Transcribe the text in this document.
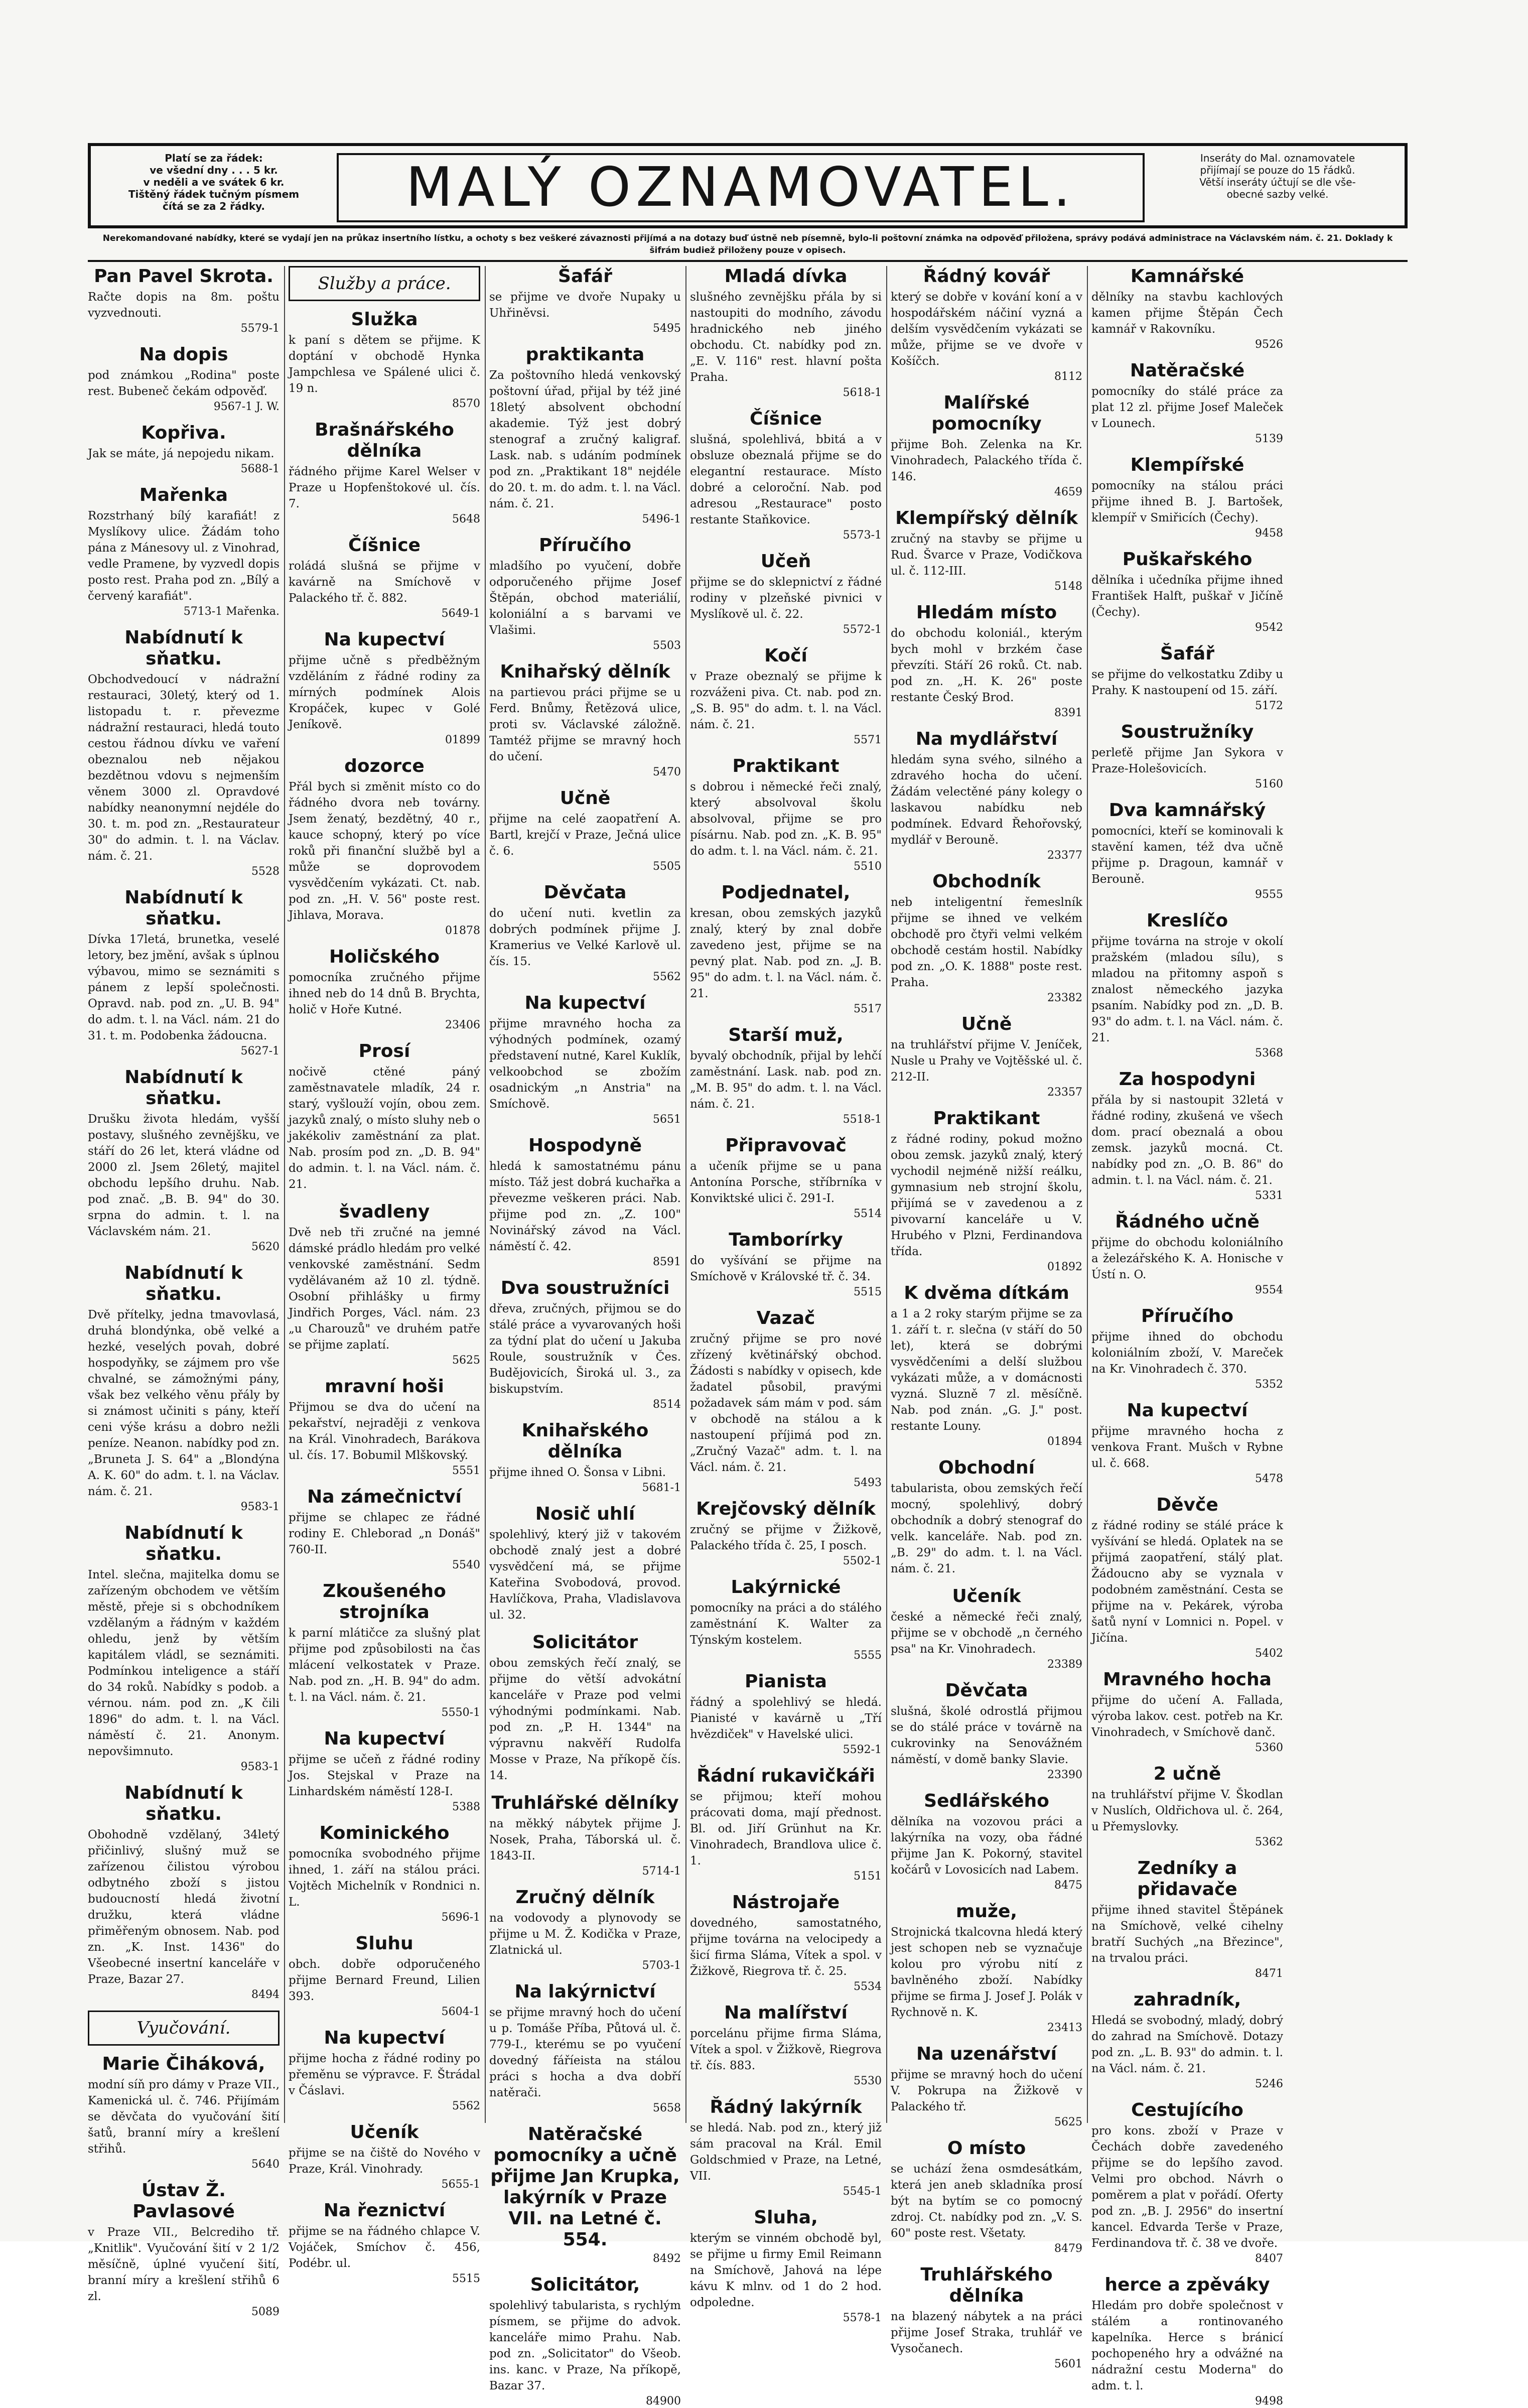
Platí se za řádek:
ve všední dny . . . 5 kr.
v neděli a ve svátek 6 kr.
Tištěný řádek tučným písmem
čítá se za 2 řádky.	MALÝ OZNAMOVATEL.	Inseráty do Mal. oznamovatele
přijímají se pouze do 15 řádků.
Větší inseráty účtují se dle vše-
obecné sazby velké.
Nerekomandované nabídky, které se vydají jen na průkaz insertního lístku, a ochoty s bez veškeré závaznosti přijímá a na dotazy buď ústně neb písemně, bylo-li poštovní známka na odpověď přiložena, správy podává administrace na Václavském nám. č. 21. Doklady k šifrám budiež přiloženy pouze v opisech.
Pan Pavel Skrota.

Račte dopis na 8m. poštu vyzvednouti.

5579-1

Na dopis

pod známkou „Rodina" poste rest. Bubeneč čekám odpověď.

9567-1 J. W.

Kopřiva.

Jak se máte, já nepojedu nikam.

5688-1

Mařenka

Rozstrhaný bílý karafiát! z Myslíkovy ulice. Žádám toho pána z Mánesovy ul. z Vinohrad, vedle Pramene, by vyzvedl dopis posto rest. Praha pod zn. „Bílý a červený karafiát".

5713-1 Mařenka.

Nabídnutí k sňatku.

Obchodvedoucí v nádražní restauraci, 30letý, který od 1. listopadu t. r. převezme nádražní restauraci, hledá touto cestou řádnou dívku ve vaření obeznalou neb nějakou bezdětnou vdovu s nejmenším věnem 3000 zl. Opravdové nabídky neanonymní nejdéle do 30. t. m. pod zn. „Restaurateur 30" do admin. t. l. na Václav. nám. č. 21.

5528

Nabídnutí k sňatku.

Dívka 17letá, brunetka, veselé letory, bez jmění, avšak s úplnou výbavou, mimo se seznámiti s pánem z lepší společnosti. Opravd. nab. pod zn. „U. B. 94" do adm. t. l. na Václ. nám. 21 do 31. t. m. Podobenka žádoucna.

5627-1

Nabídnutí k sňatku.

Drušku života hledám, vyšší postavy, slušného zevnějšku, ve stáří do 26 let, která vládne od 2000 zl. Jsem 26letý, majitel obchodu lepšího druhu. Nab. pod znač. „B. B. 94" do 30. srpna do admin. t. l. na Václavském nám. 21.

5620

Nabídnutí k sňatku.

Dvě přítelky, jedna tmavovlasá, druhá blondýnka, obě velké a hezké, veselých povah, dobré hospodyňky, se zájmem pro vše chvalné, se zámožnými pány, však bez velkého věnu přály by si známost učiniti s pány, kteří ceni výše krásu a dobro nežli peníze. Neanon. nabídky pod zn. „Bruneta J. S. 64" a „Blondýna A. K. 60" do adm. t. l. na Václav. nám. č. 21.

9583-1

Nabídnutí k sňatku.

Intel. slečna, majitelka domu se zařízeným obchodem ve větším městě, přeje si s obchodníkem vzdělaným a řádným v každém ohledu, jenž by větším kapitálem vládl, se seznámiti. Podmínkou inteligence a stáří do 34 roků. Nabídky s podob. a vérnou. nám. pod zn. „K čili 1896" do adm. t. l. na Václ. náměstí č. 21. Anonym. nepovšimnuto.

9583-1

Nabídnutí k sňatku.

Obohodně vzdělaný, 34letý přičinlivý, slušný muž se zařízenou čilistou výrobou odbytného zboží s jistou budoucností hledá životní družku, která vládne přiměřeným obnosem. Nab. pod zn. „K. Inst. 1436" do Všeobecné insertní kanceláře v Praze, Bazar 27.

8494

Vyučování.
Marie Čiháková,

modní síň pro dámy v Praze VII., Kamenická ul. č. 746. Přijímám se děvčata do vyučování šití šatů, branní míry a krešlení střihů.

5640

Ústav Ž. Pavlasové

v Praze VII., Belcrediho tř. „Knitlik". Vyučování šití v 2 1/2 měsíčně, úplné vyučení šití, branní míry a krešlení střihů 6 zl.

5089

Služby a práce.
Služka

k paní s dětem se přijme. K doptání v obchodě Hynka Jampchlesa ve Spálené ulici č. 19 n.

8570

Brašnářského dělníka

řádného přijme Karel Welser v Praze u Hopfenštokové ul. čís. 7.

5648

Číšnice

roládá slušná se přijme v kavárně na Smíchově v Palackého tř. č. 882.

5649-1

Na kupectví

přijme učně s předběžným vzděláním z řádné rodiny za mírných podmínek Alois Kropáček, kupec v Golé Jeníkově.

01899

dozorce

Přál bych si změnit místo co do řádného dvora neb továrny. Jsem ženatý, bezdětný, 40 r., kauce schopný, který po více roků při finanční službě byl a může se doprovodem vysvědčením vykázati. Ct. nab. pod zn. „H. V. 56" poste rest. Jihlava, Morava.

01878

Holičského

pomocníka zručného přijme ihned neb do 14 dnů B. Brychta, holič v Hoře Kutné.

23406

Prosí

nočivě ctěné páný zaměstnavatele mladík, 24 r. starý, vyšlouží vojín, obou zem. jazyků znalý, o místo sluhy neb o jakékoliv zaměstnání za plat. Nab. prosím pod zn. „D. B. 94" do admin. t. l. na Václ. nám. č. 21.

švadleny

Dvě neb tři zručné na jemné dámské prádlo hledám pro velké venkovské zaměstnání. Sedm vydělávaném až 10 zl. týdně. Osobní přihlášky u firmy Jindřich Porges, Václ. nám. 23 „u Charouzů" ve druhém patře se přijme zaplatí.

5625

mravní hoši

Přijmou se dva do učení na pekařství, nejraději z venkova na Král. Vinohradech, Barákova ul. čís. 17. Bobumil Mlškovský.

5551

Na zámečnictví

přijme se chlapec ze řádné rodiny E. Chleborad „n Donáš" 760-II.

5540

Zkoušeného strojníka

k parní mlátičce za slušný plat přijme pod způsobilosti na čas mlácení velkostatek v Praze. Nab. pod zn. „H. B. 94" do adm. t. l. na Václ. nám. č. 21.

5550-1

Na kupectví

přijme se učeň z řádné rodiny Jos. Stejskal v Praze na Linhardském náměstí 128-I.

5388

Kominického

pomocníka svobodného přijme ihned, 1. září na stálou práci. Vojtěch Michelník v Rondnici n. L.

5696-1

Sluhu

obch. dobře odporučeného přijme Bernard Freund, Lilien 393.

5604-1

Na kupectví

přijme hocha z řádné rodiny po přeměnu se výpravce. F. Štrádal v Čáslavi.

5562

Učeník

přijme se na čiště do Nového v Praze, Král. Vinohrady.

5655-1

Na řeznictví

přijme se na řádného chlapce V. Vojáček, Smíchov č. 456, Podébr. ul.

5515

Šafář

se přijme ve dvoře Nupaky u Uhřiněvsi.

5495

praktikanta

Za poštovního hledá venkovský poštovní úřad, přijal by též jiné 18letý absolvent obchodní akademie. Týž jest dobrý stenograf a zručný kaligraf. Lask. nab. s udáním podmínek pod zn. „Praktikant 18" nejdéle do 20. t. m. do adm. t. l. na Václ. nám. č. 21.

5496-1

Příručího

mladšího po vyučení, dobře odporučeného přijme Josef Štěpán, obchod materiálií, koloniální a s barvami ve Vlašimi.

5503

Knihařský dělník

na partievou práci přijme se u Ferd. Bnůmy, Řetězová ulice, proti sv. Václavské záložně. Tamtéž přijme se mravný hoch do učení.

5470

Učně

přijme na celé zaopatření A. Bartl, krejčí v Praze, Ječná ulice č. 6.

5505

Děvčata

do učení nuti. kvetlin za dobrých podmínek přijme J. Kramerius ve Velké Karlově ul. čís. 15.

5562

Na kupectví

přijme mravného hocha za výhodných podmínek, ozamý představení nutné, Karel Kuklík, velkoobchod se zbožím osadnickým „n Anstria" na Smíchově.

5651

Hospodyně

hledá k samostatnému pánu místo. Táž jest dobrá kuchařka a převezme veškeren práci. Nab. přijme pod zn. „Z. 100" Novinářský závod na Václ. náměstí č. 42.

8591

Dva soustružníci

dřeva, zručných, přijmou se do stálé práce a vyvarovaných hoši za týdní plat do učení u Jakuba Roule, soustružník v Čes. Budějovicích, Široká ul. 3., za biskupstvím.

8514

Knihařského dělníka

přijme ihned O. Šonsa v Libni.

5681-1

Nosič uhlí

spolehlivý, který již v takovém obchodě znalý jest a dobré vysvědčení má, se přijme Kateřina Svobodová, provod. Havlíčkova, Praha, Vladislavova ul. 32.

Solicitátor

obou zemských řečí znalý, se přijme do větší advokátní kanceláře v Praze pod velmi výhodnými podmínkami. Nab. pod zn. „P. H. 1344" na výpravnu nakvěří Rudolfa Mosse v Praze, Na příkopě čís. 14.

Truhlářské dělníky

na měkký nábytek přijme J. Nosek, Praha, Táborská ul. č. 1843-II.

5714-1

Zručný dělník

na vodovody a plynovody se přijme u M. Ž. Kodička v Praze, Zlatnická ul.

5703-1

Na lakýrnictví

se přijme mravný hoch do učení u p. Tomáše Příba, Půtová ul. č. 779-I., kterému se po vyučení dovedný fáříeista na stálou práci s hocha a dva dobří natěrači.

5658

Natěračské pomocníky a učně přijme Jan Krupka, lakýrník v Praze VII. na Letné č. 554.

8492

Solicitátor,

spolehlivý tabularista, s rychlým písmem, se přijme do advok. kanceláře mimo Prahu. Nab. pod zn. „Solicitator" do Všeob. ins. kanc. v Praze, Na příkopě, Bazar 37.

84900

Mladá dívka

slušného zevnějšku přála by si nastoupiti do modního, závodu hradnického neb jiného obchodu. Ct. nabídky pod zn. „E. V. 116" rest. hlavní pošta Praha.

5618-1

Číšnice

slušná, spolehlivá, bbitá a v obsluze obeznalá přijme se do elegantní restaurace. Místo dobré a celoroční. Nab. pod adresou „Restaurace" posto restante Staňkovice.

5573-1

Učeň

přijme se do sklepnictví z řádné rodiny v plzeňské pivnici v Myslíkově ul. č. 22.

5572-1

Kočí

v Praze obeznalý se přijme k rozváženi piva. Ct. nab. pod zn. „S. B. 95" do adm. t. l. na Václ. nám. č. 21.

5571

Praktikant

s dobrou i německé řeči znalý, který absolvoval školu absolvoval, přijme se pro písárnu. Nab. pod zn. „K. B. 95" do adm. t. l. na Václ. nám. č. 21.

5510

Podjednatel,

kresan, obou zemských jazyků znalý, který by znal dobře zavedeno jest, přijme se na pevný plat. Nab. pod zn. „J. B. 95" do adm. t. l. na Václ. nám. č. 21.

5517

Starší muž,

byvalý obchodník, přijal by lehčí zaměstnání. Lask. nab. pod zn. „M. B. 95" do adm. t. l. na Václ. nám. č. 21.

5518-1

Připravovač

a učeník přijme se u pana Antonína Porsche, stříbrníka v Konviktské ulici č. 291-I.

5514

Tamborírky

do vyšívání se přijme na Smíchově v Královské tř. č. 34.

5515

Vazač

zručný přijme se pro nové zřízený květinářský obchod. Žádosti s nabídky v opisech, kde žadatel působil, pravými požadavek sám mám v pod. sám v obchodě na stálou a k nastoupení příjimá pod zn. „Zručný Vazač" adm. t. l. na Václ. nám. č. 21.

5493

Krejčovský dělník

zručný se přijme v Žižkově, Palackého třída č. 25, I posch.

5502-1

Lakýrnické

pomocníky na práci a do stálého zaměstnání K. Walter za Týnským kostelem.

5555

Pianista

řádný a spolehlivý se hledá. Pianisté v kavárně u „Tří hvězdiček" v Havelské ulici.

5592-1

Řádní rukavičkáři

se přijmou; kteří mohou prácovati doma, mají přednost. Bl. od. Jiří Grünhut na Kr. Vinohradech, Brandlova ulice č. 1.

5151

Nástrojaře

dovedného, samostatného, přijme továrna na velocipedy a šicí firma Sláma, Vítek a spol. v Žižkově, Riegrova tř. č. 25.

5534

Na malířství

porcelánu přijme firma Sláma, Vítek a spol. v Žižkově, Riegrova tř. čís. 883.

5530

Řádný lakýrník

se hledá. Nab. pod zn., který již sám pracoval na Král. Emil Goldschmied v Praze, na Letné, VII.

5545-1

Sluha,

kterým se vinném obchodě byl, se přijme u firmy Emil Reimann na Smíchově, Jahová na lépe kávu K mlnv. od 1 do 2 hod. odpoledne.

5578-1

Řádný kovář

který se dobře v kování koní a v hospodářském náčiní vyzná a delším vysvědčením vykázati se může, přijme se ve dvoře v Košíčch.

8112

Malířské pomocníky

přijme Boh. Zelenka na Kr. Vinohradech, Palackého třída č. 146.

4659

Klempířský dělník

zručný na stavby se přijme u Rud. Švarce v Praze, Vodičkova ul. č. 112-III.

5148

Hledám místo

do obchodu koloniál., kterým bych mohl v brzkém čase převzíti. Stáří 26 roků. Ct. nab. pod zn. „H. K. 26" poste restante Český Brod.

8391

Na mydlářství

hledám syna svého, silného a zdravého hocha do učení. Žádám velectěné pány kolegy o laskavou nabídku neb podmínek. Edvard Řehořovský, mydlář v Berouně.

23377

Obchodník

neb inteligentní řemeslník přijme se ihned ve velkém obchodě pro čtyři velmi velkém obchodě cestám hostil. Nabídky pod zn. „O. K. 1888" poste rest. Praha.

23382

Učně

na truhlářství přijme V. Jeníček, Nusle u Prahy ve Vojtěšské ul. č. 212-II.

23357

Praktikant

z řádné rodiny, pokud možno obou zemsk. jazyků znalý, který vychodil nejméně nižší reálku, gymnasium neb strojní školu, přijímá se v zavedenou a z pivovarní kanceláře u V. Hrubého v Plzni, Ferdinandova třída.

01892

K dvěma dítkám

a 1 a 2 roky starým přijme se za 1. září t. r. slečna (v stáří do 50 let), která se dobrými vysvědčeními a delší službou vykázati může, a v domácnosti vyzná. Sluzně 7 zl. měsíčně. Nab. pod znán. „G. J." post. restante Louny.

01894

Obchodní

tabularista, obou zemských řečí mocný, spolehlivý, dobrý obchodník a dobrý stenograf do velk. kanceláře. Nab. pod zn. „B. 29" do adm. t. l. na Václ. nám. č. 21.

Učeník

české a německé řeči znalý, přijme se v obchodě „n černého psa" na Kr. Vinohradech.

23389

Děvčata

slušná, školé odrostlá přijmou se do stálé práce v továrně na cukrovinky na Senovážném náměstí, v domě banky Slavie.

23390

Sedlářského

dělníka na vozovou práci a lakýrníka na vozy, oba řádné přijme Jan K. Pokorný, stavitel kočárů v Lovosicích nad Labem.

8475

muže,

Strojnická tkalcovna hledá který jest schopen neb se vyznačuje kolou pro výrobu nití z bavlněného zboží. Nabídky přijme se firma J. Josef J. Polák v Rychnově n. K.

23413

Na uzenářství

přijme se mravný hoch do učení V. Pokrupa na Žižkově v Palackého tř.

5625

O místo

se uchází žena osmdesátkám, která jen aneb skladníka prosí být na bytím se co pomocný zdroj. Ct. nabídky pod zn. „V. S. 60" poste rest. Všetaty.

8479

Truhlářského dělníka

na blazený nábytek a na práci přijme Josef Straka, truhlář ve Vysočanech.

5601

Kamnářské

dělníky na stavbu kachlových kamen přijme Štěpán Čech kamnář v Rakovníku.

9526

Natěračské

pomocníky do stálé práce za plat 12 zl. přijme Josef Maleček v Lounech.

5139

Klempířské

pomocníky na stálou práci přijme ihned B. J. Bartošek, klempíř v Smiřicích (Čechy).

9458

Puškařského

dělníka i učedníka přijme ihned František Halft, puškař v Jičíně (Čechy).

9542

Šafář

se přijme do velkostatku Zdiby u Prahy. K nastoupení od 15. září.

5172

Soustružníky

perleťě přijme Jan Sykora v Praze-Holešovicích.

5160

Dva kamnářský

pomocníci, kteří se kominovali k stavění kamen, též dva učně přijme p. Dragoun, kamnář v Berouně.

9555

Kreslíčo

přijme továrna na stroje v okolí pražském (mladou sílu), s mladou na přitomny aspoň s znalost německého jazyka psaním. Nabídky pod zn. „D. B. 93" do adm. t. l. na Václ. nám. č. 21.

5368

Za hospodyni

přála by si nastoupit 32letá v řádné rodiny, zkušená ve všech dom. prací obeznalá a obou zemsk. jazyků mocná. Ct. nabídky pod zn. „O. B. 86" do admin. t. l. na Václ. nám. č. 21.

5331

Řádného učně

přijme do obchodu koloniálního a železářského K. A. Honische v Ústí n. O.

9554

Příručího

přijme ihned do obchodu koloniálním zboží, V. Mareček na Kr. Vinohradech č. 370.

5352

Na kupectví

přijme mravného hocha z venkova Frant. Mušch v Rybne ul. č. 668.

5478

Děvče

z řádné rodiny se stálé práce k vyšívání se hledá. Oplatek na se přijmá zaopatření, stálý plat. Žádoucno aby se vyznala v podobném zaměstnání. Cesta se přijme na v. Pekárek, výroba šatů nyní v Lomnici n. Popel. v Jičína.

5402

Mravného hocha

přijme do učení A. Fallada, výroba lakov. cest. potřeb na Kr. Vinohradech, v Smíchově danč.

5360

2 učně

na truhlářství přijme V. Škodlan v Nuslích, Oldřichova ul. č. 264, u Přemyslovky.

5362

Zedníky a přidavače

přijme ihned stavitel Štěpánek na Smíchově, velké cihelny bratří Suchých „na Březince", na trvalou práci.

8471

zahradník,

Hledá se svobodný, mladý, dobrý do zahrad na Smíchově. Dotazy pod zn. „L. B. 93" do admin. t. l. na Václ. nám. č. 21.

5246

Cestujícího

pro kons. zboží v Praze v Čechách dobře zavedeného přijme se do lepšího zavod. Velmi pro obchod. Návrh o poměrem a plat v pořádí. Oferty pod zn. „B. J. 2956" do insertní kancel. Edvarda Terše v Praze, Ferdinandova tř. č. 38 ve dvoře.

8407

herce a zpěváky

Hledám pro dobře společnost v stálém a rontinovaného kapelníka. Herce s bránicí pochopeného hry a odvážné na nádražní cestu Moderna" do adm. t. l.

9498
